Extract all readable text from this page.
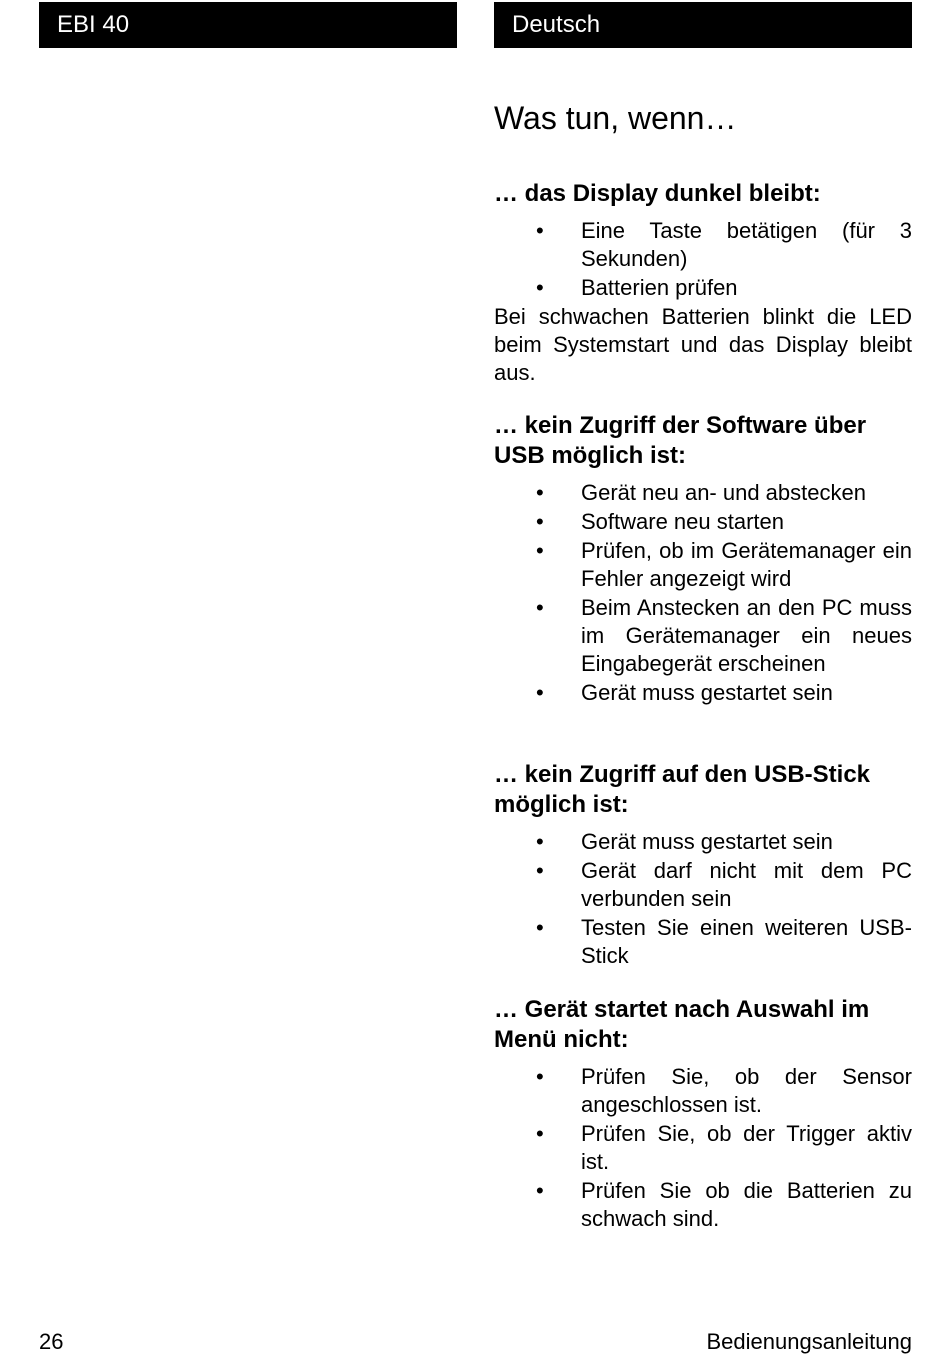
EBI 40	Deutsch
Was tun, wenn…
… das Display dunkel bleibt:
• Eine Taste betätigen (für 3 Sekunden)
• Batterien prüfen

Bei schwachen Batterien blinkt die LED beim Systemstart und das Display bleibt aus.

… kein Zugriff der Software über USB möglich ist:
• Gerät neu an- und abstecken
• Software neu starten
• Prüfen, ob im Gerätemanager ein Fehler angezeigt wird
• Beim Anstecken an den PC muss im Gerätemanager ein neues Eingabegerät erscheinen
• Gerät muss gestartet sein
… kein Zugriff auf den USB-Stick möglich ist:
• Gerät muss gestartet sein
• Gerät darf nicht mit dem PC verbunden sein
• Testen Sie einen weiteren USB-Stick
… Gerät startet nach Auswahl im Menü nicht:
• Prüfen Sie, ob der Sensor angeschlossen ist.
• Prüfen Sie, ob der Trigger aktiv ist.
• Prüfen Sie ob die Batterien zu schwach sind.
26	Bedienungsanleitung
